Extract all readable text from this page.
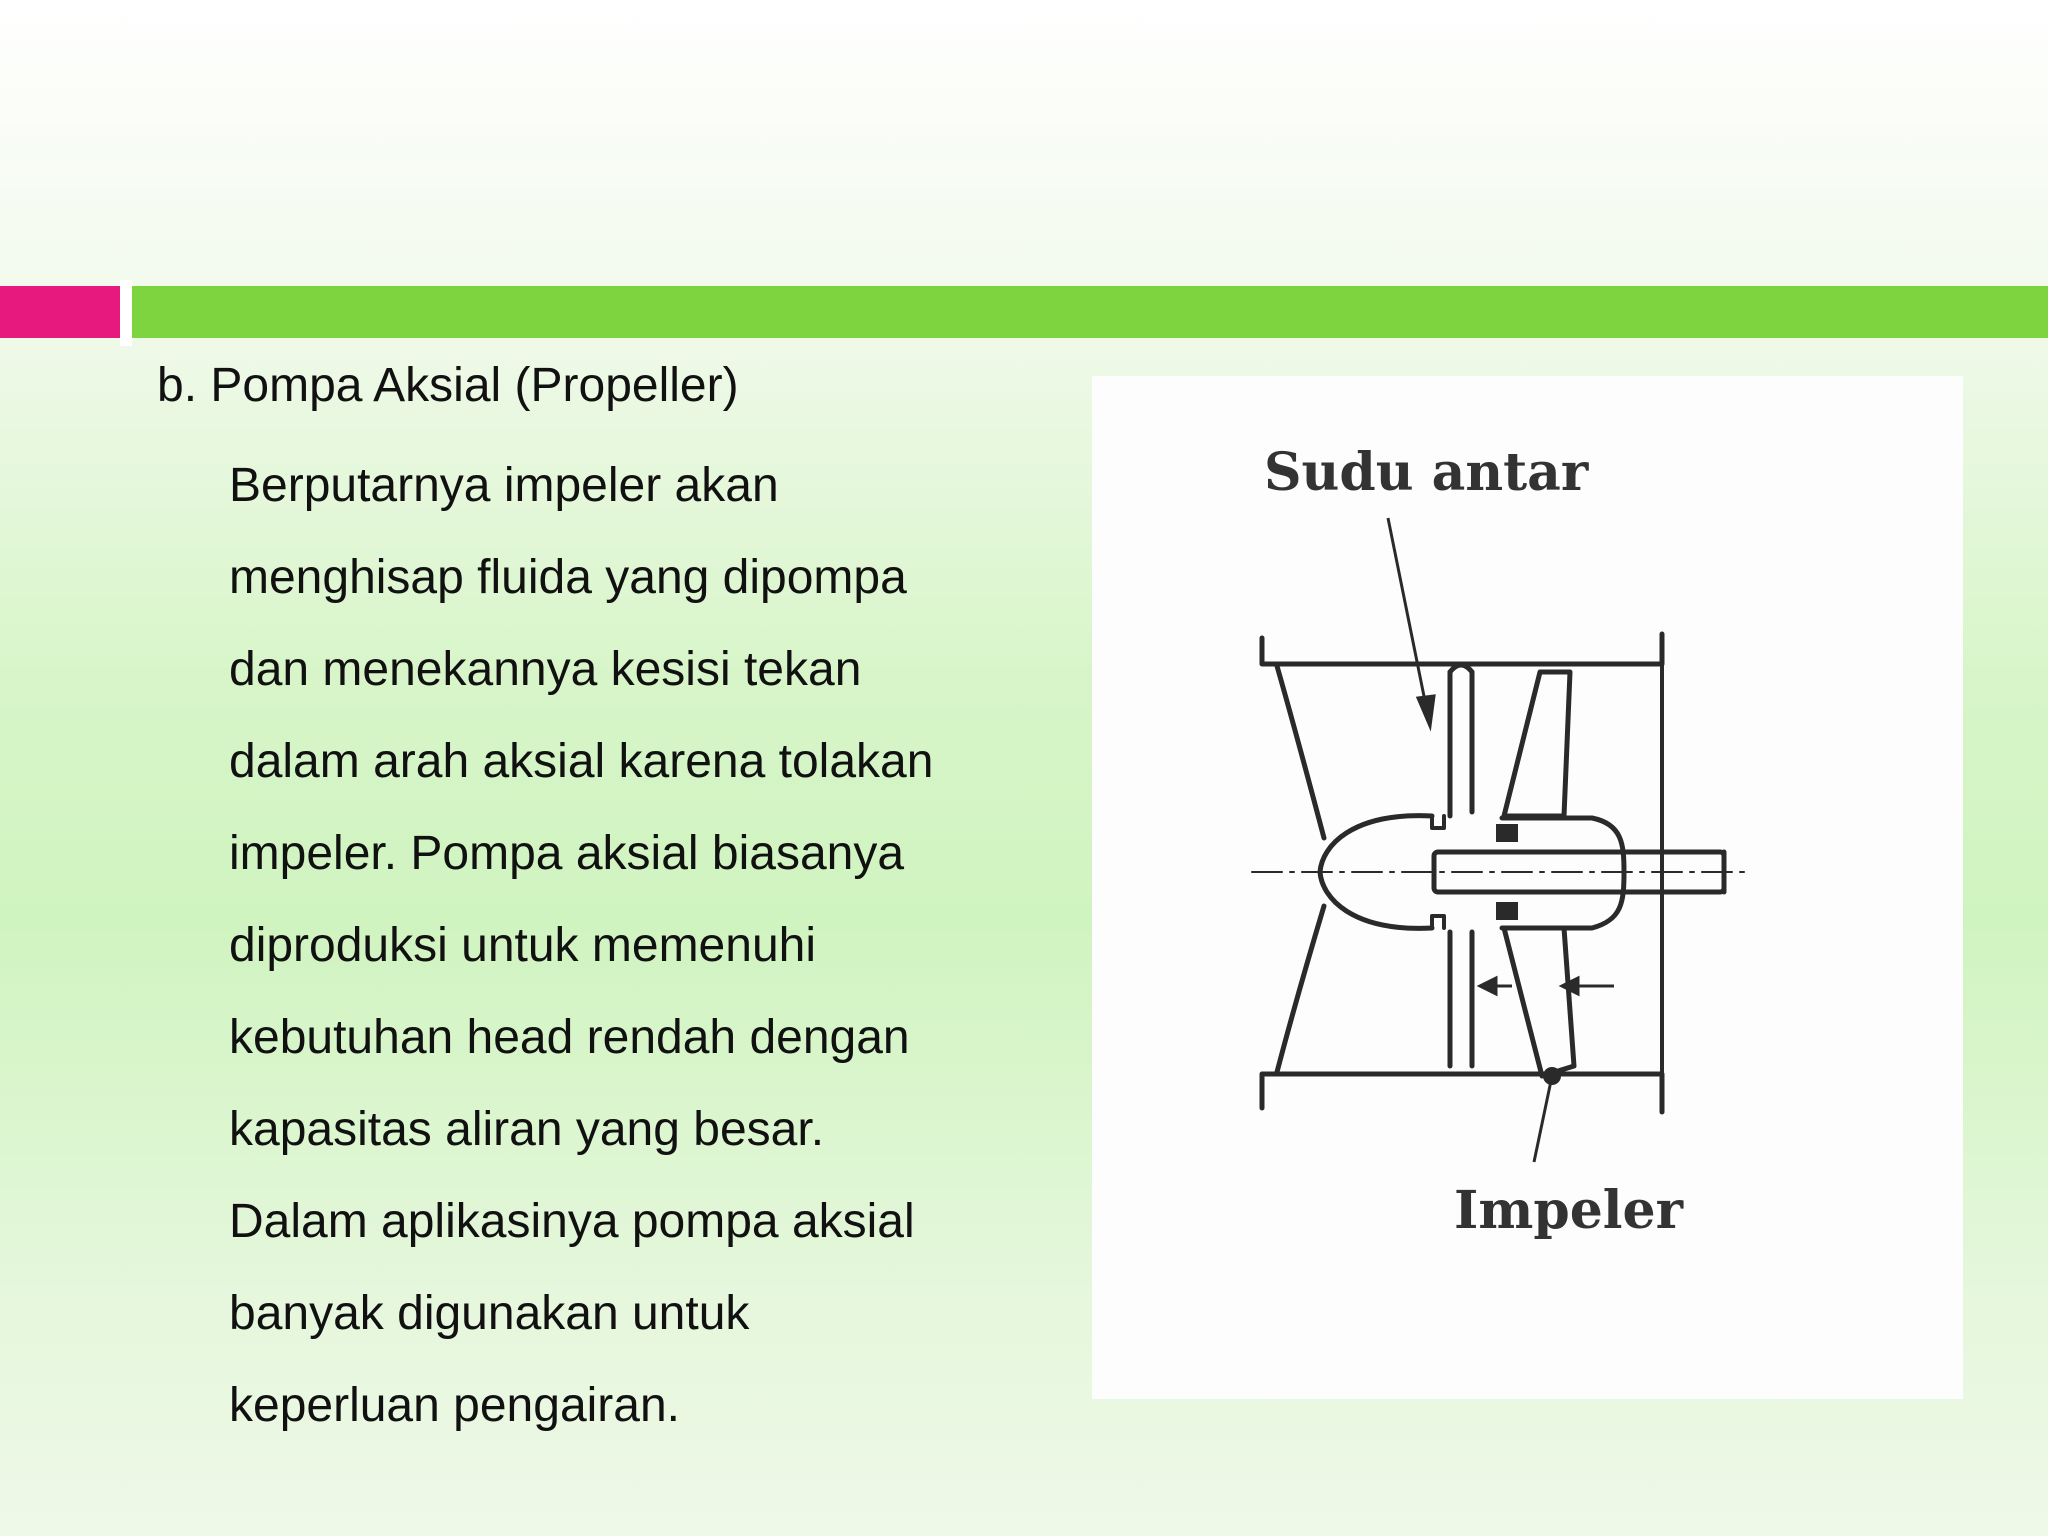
b. Pompa Aksial (Propeller)
Berputarnya impeler akan
menghisap fluida yang dipompa
dan menekannya kesisi tekan
dalam arah aksial karena tolakan
impeler. Pompa aksial biasanya
diproduksi untuk memenuhi
kebutuhan head rendah dengan
kapasitas aliran yang besar.
Dalam aplikasinya pompa aksial
banyak digunakan untuk
keperluan pengairan.
Sudu antar
Impeler
